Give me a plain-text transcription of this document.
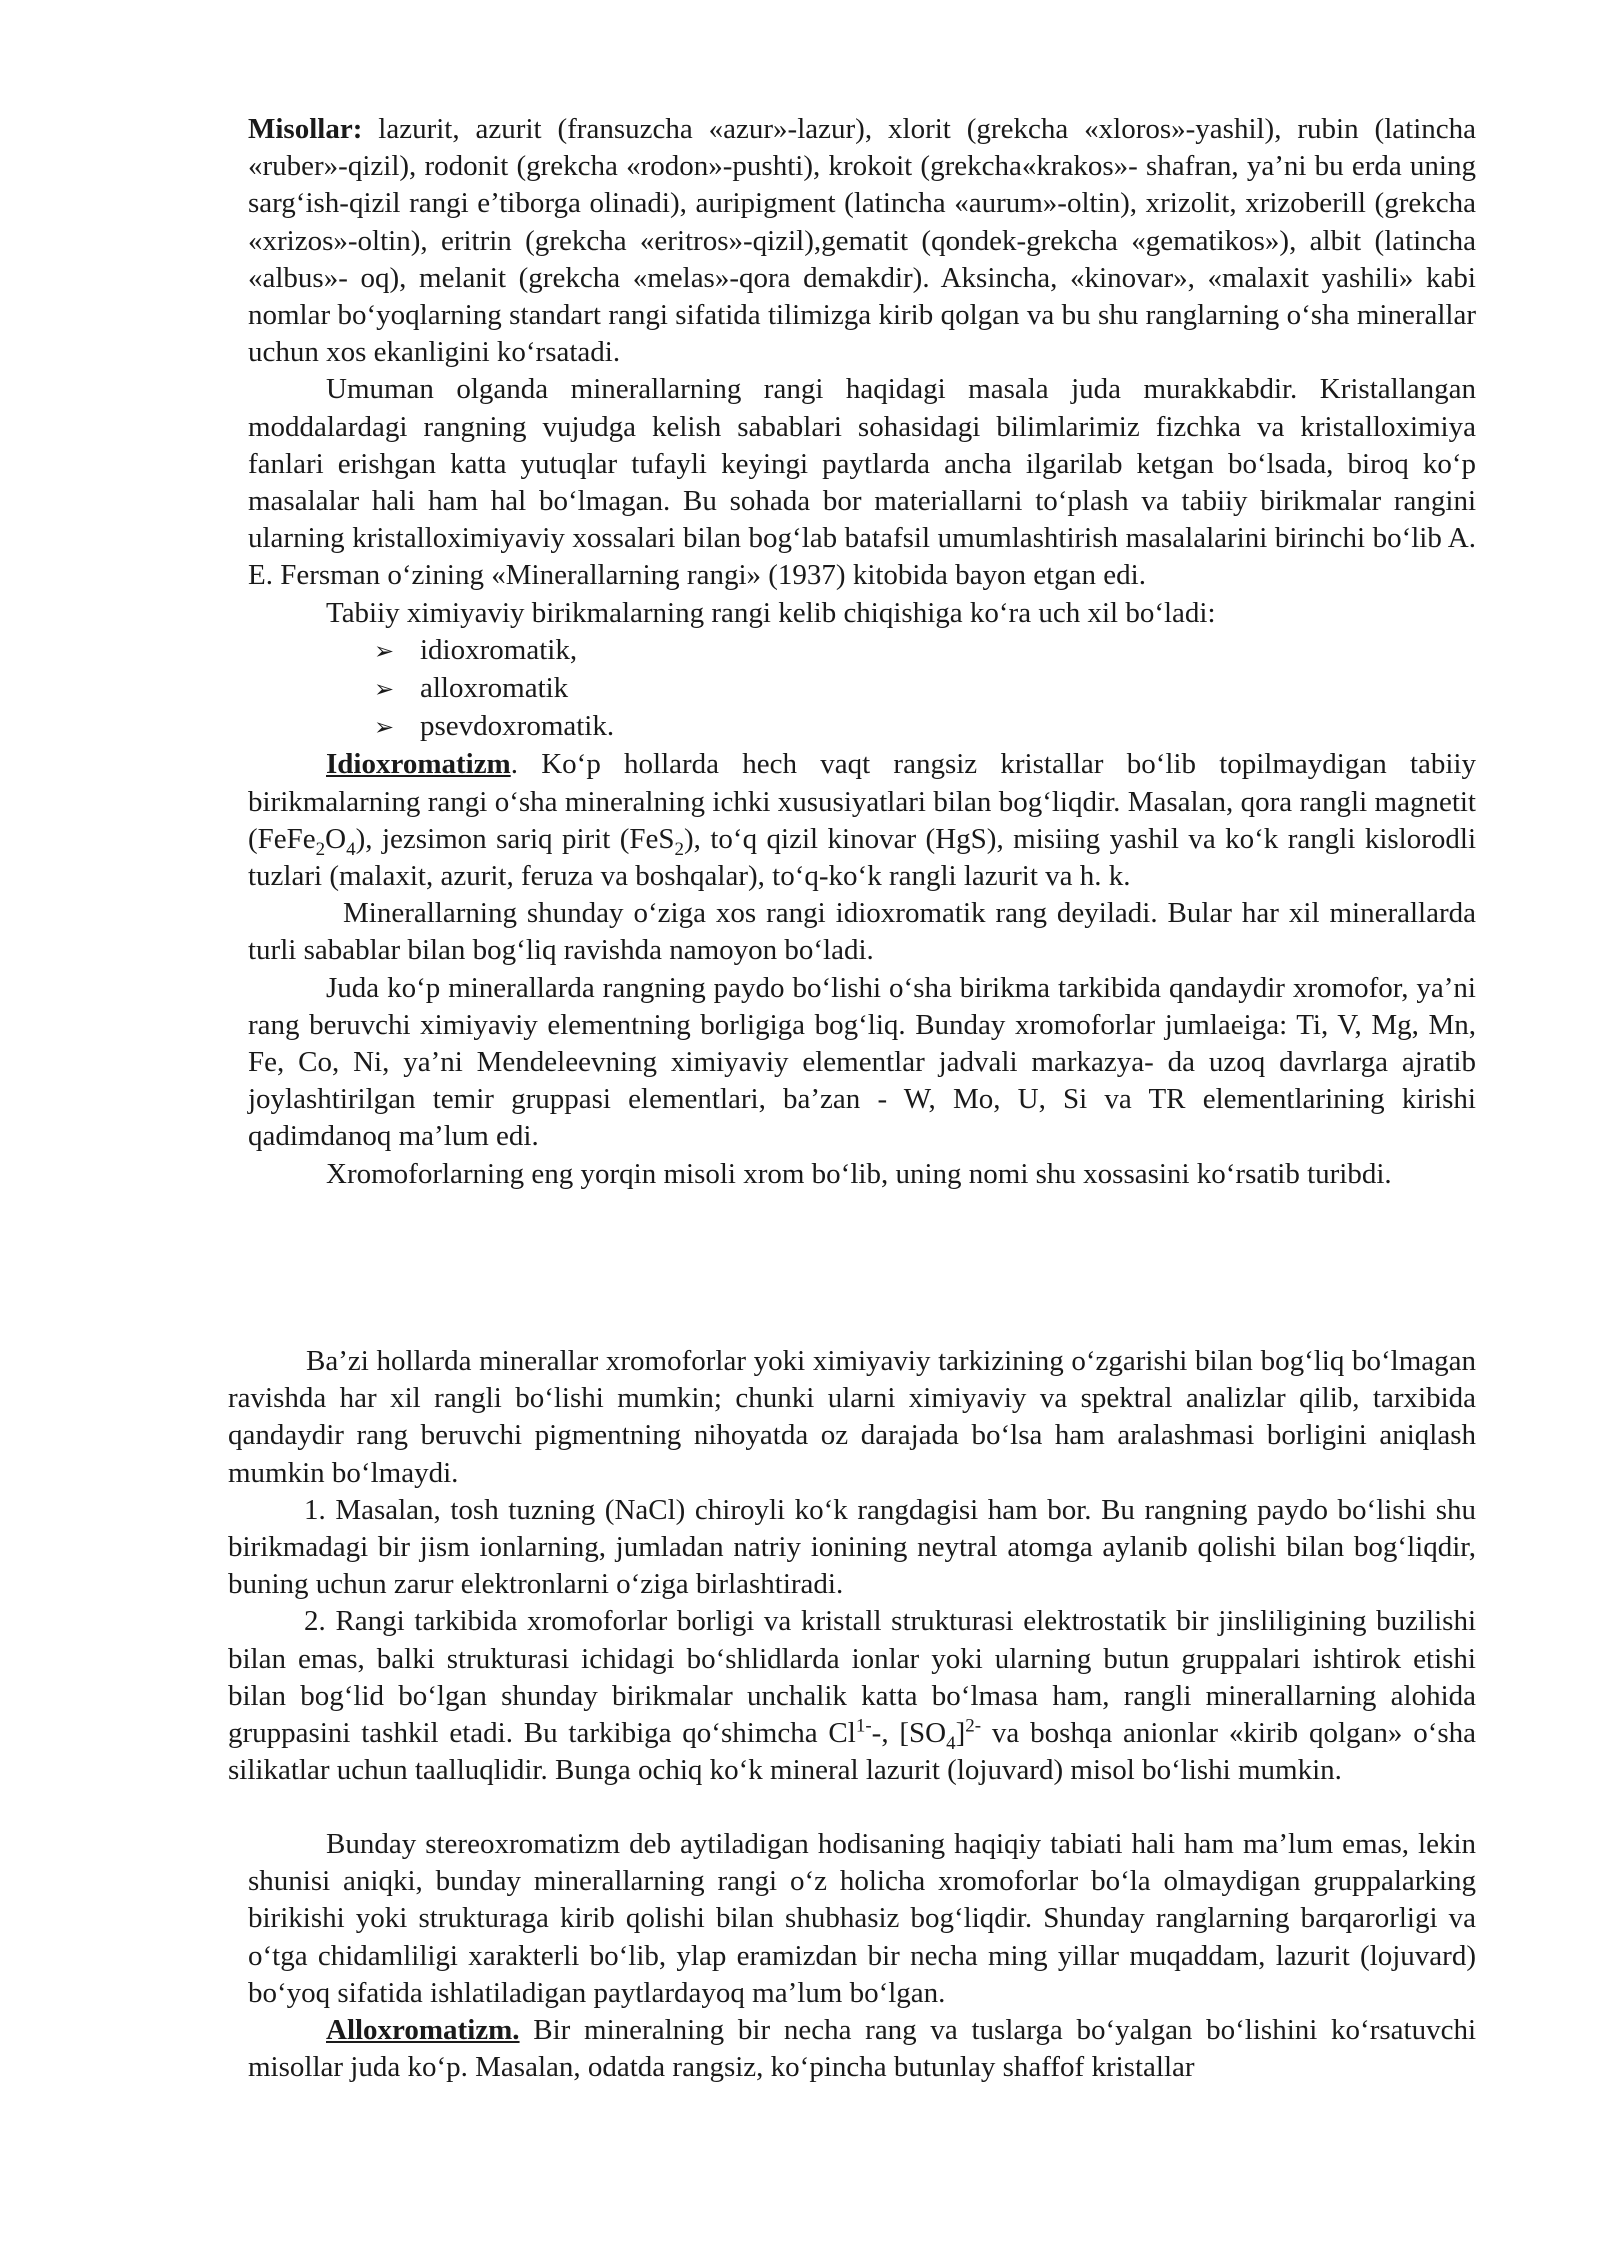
Misollar: lazurit, azurit (fransuzcha «azur»-lazur), xlorit (grekcha «xloros»-yashil), rubin (latincha «ruber»-qizil), rodonit (grekcha «rodon»-pushti), krokoit (grekcha«krakos»- shafran, ya’ni bu erda uning sarg‘ish-qizil rangi e’tiborga olinadi), auripigment (latincha «aurum»-oltin), xrizolit, xrizoberill (grekcha «xrizos»-oltin), eritrin (grekcha «eritros»-qizil),gematit (qondek-grekcha «gematikos»), albit (latincha «albus»- oq), melanit (grekcha «melas»-qora demakdir). Aksincha, «kinovar», «malaxit yashili» kabi nomlar bo‘yoqlarning standart rangi sifatida tilimizga kirib qolgan va bu shu ranglarning o‘sha minerallar uchun xos ekanligini ko‘rsatadi.

Umuman olganda minerallarning rangi haqidagi masala juda murakkabdir. Kristallangan moddalardagi rangning vujudga kelish sabablari sohasidagi bilimlarimiz fizchka va kristalloximiya fanlari erishgan katta yutuqlar tufayli keyingi paytlarda ancha ilgarilab ketgan bo‘lsada, biroq ko‘p masalalar hali ham hal bo‘lmagan. Bu sohada bor materiallarni to‘plash va tabiiy birikmalar rangini ularning kristalloximiyaviy xossalari bilan bog‘lab batafsil umumlashtirish masalalarini birinchi bo‘lib A. E. Fersman o‘zining «Minerallarning rangi» (1937) kitobida bayon etgan edi.

Tabiiy ximiyaviy birikmalarning rangi kelib chiqishiga ko‘ra uch xil bo‘ladi:

➢ idioxromatik,
➢ alloxromatik
➢ psevdoxromatik.

Idioxromatizm. Ko‘p hollarda hech vaqt rangsiz kristallar bo‘lib topilmaydigan tabiiy birikmalarning rangi o‘sha mineralning ichki xususiyatlari bilan bog‘liqdir. Masalan, qora rangli magnetit $(FeFe_2O_4)$, jezsimon sariq pirit (FeS$_2$), to‘q qizil kinovar (HgS), misiing yashil va ko‘k rangli kislorodli tuzlari (malaxit, azurit, feruza va boshqalar), to‘q-ko‘k rangli lazurit va h. k.

Minerallarning shunday o‘ziga xos rangi idioxromatik rang deyiladi. Bular har xil minerallarda turli sabablar bilan bog‘liq ravishda namoyon bo‘ladi.

Juda ko‘p minerallarda rangning paydo bo‘lishi o‘sha birikma tarkibida qandaydir xromofor, ya’ni rang beruvchi ximiyaviy elementning borligiga bog‘liq. Bunday xromoforlar jumlaeiga: Ti, V, Mg, Mn, Fe, Co, Ni, ya’ni Mendeleevning ximiyaviy elementlar jadvali markazya- da uzoq davrlarga ajratib joylashtirilgan temir gruppasi elementlari, ba’zan - W, Mo, U, Si va TR elementlarining kirishi qadimdanoq ma’lum edi.

Xromoforlarning eng yorqin misoli xrom bo‘lib, uning nomi shu xossasini ko‘rsatib turibdi.

Ba’zi hollarda minerallar xromoforlar yoki ximiyaviy tarkizining o‘zgarishi bilan bog‘liq bo‘lmagan ravishda har xil rangli bo‘lishi mumkin; chunki ularni ximiyaviy va spektral analizlar qilib, tarxibida qandaydir rang beruvchi pigmentning nihoyatda oz darajada bo‘lsa ham aralashmasi borligini aniqlash mumkin bo‘lmaydi.

1. Masalan, tosh tuzning (NaCl) chiroyli ko‘k rangdagisi ham bor. Bu rangning paydo bo‘lishi shu birikmadagi bir jism ionlarning, jumladan natriy ionining neytral atomga aylanib qolishi bilan bog‘liqdir, buning uchun zarur elektronlarni o‘ziga birlashtiradi.

2. Rangi tarkibida xromoforlar borligi va kristall strukturasi elektrostatik bir jinsliligining buzilishi bilan emas, balki strukturasi ichidagi bo‘shlidlarda ionlar yoki ularning butun gruppalari ishtirok etishi bilan bog‘lid bo‘lgan shunday birikmalar unchalik katta bo‘lmasa ham, rangli minerallarning alohida gruppasini tashkil etadi. Bu tarkibiga qo‘shimcha $Cl^{1-}-$, $[SO_4]^{2-}$ va boshqa anionlar «kirib qolgan» o‘sha silikatlar uchun taalluqlidir. Bunga ochiq ko‘k mineral lazurit (lojuvard) misol bo‘lishi mumkin.

Bunday stereoxromatizm deb aytiladigan hodisaning haqiqiy tabiati hali ham ma’lum emas, lekin shunisi aniqki, bunday minerallarning rangi o‘z holicha xromoforlar bo‘la olmaydigan gruppalarking birikishi yoki strukturaga kirib qolishi bilan shubhasiz bog‘liqdir. Shunday ranglarning barqarorligi va o‘tga chidamliligi xarakterli bo‘lib, ylap eramizdan bir necha ming yillar muqaddam, lazurit (lojuvard) bo‘yoq sifatida ishlatiladigan paytlardayoq ma’lum bo‘lgan.

Alloxromatizm. Bir mineralning bir necha rang va tuslarga bo‘yalgan bo‘lishini ko‘rsatuvchi misollar juda ko‘p. Masalan, odatda rangsiz, ko‘pincha butunlay shaffof kristallar
